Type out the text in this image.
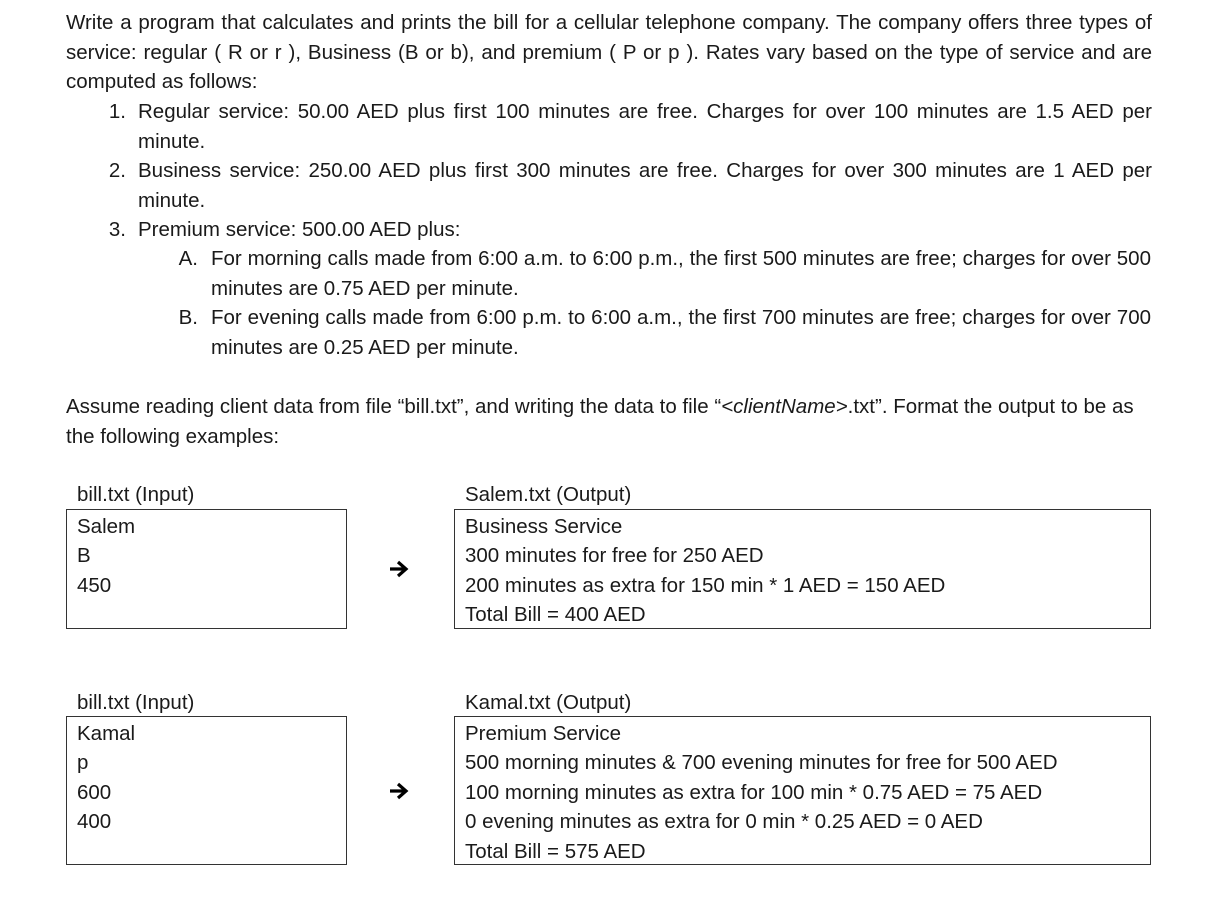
Write a program that calculates and prints the bill for a cellular telephone company. The company offers three types of service: regular ( R or r ), Business (B or b), and premium ( P or p ). Rates vary based on the type of service and are computed as follows:

1. Regular service: 50.00 AED plus first 100 minutes are free. Charges for over 100 minutes are 1.5 AED per minute.

2. Business service: 250.00 AED plus first 300 minutes are free. Charges for over 300 minutes are 1 AED per minute.

3. Premium service: 500.00 AED plus:

A. For morning calls made from 6:00 a.m. to 6:00 p.m., the first 500 minutes are free; charges for over 500 minutes are 0.75 AED per minute.

B. For evening calls made from 6:00 p.m. to 6:00 a.m., the first 700 minutes are free; charges for over 700 minutes are 0.25 AED per minute.

Assume reading client data from file “bill.txt”, and writing the data to file “<clientName>.txt”. Format the output to be as the following examples:

bill.txt (Input)
Salem
B
450
Salem.txt (Output)
Business Service
300 minutes for free for 250 AED
200 minutes as extra for 150 min * 1 AED = 150 AED
Total Bill = 400 AED
bill.txt (Input)
Kamal
p
600
400
Kamal.txt (Output)
Premium Service
500 morning minutes & 700 evening minutes for free for 500 AED
100 morning minutes as extra for 100 min * 0.75 AED = 75 AED
0 evening minutes as extra for 0 min * 0.25 AED = 0 AED
Total Bill = 575 AED
